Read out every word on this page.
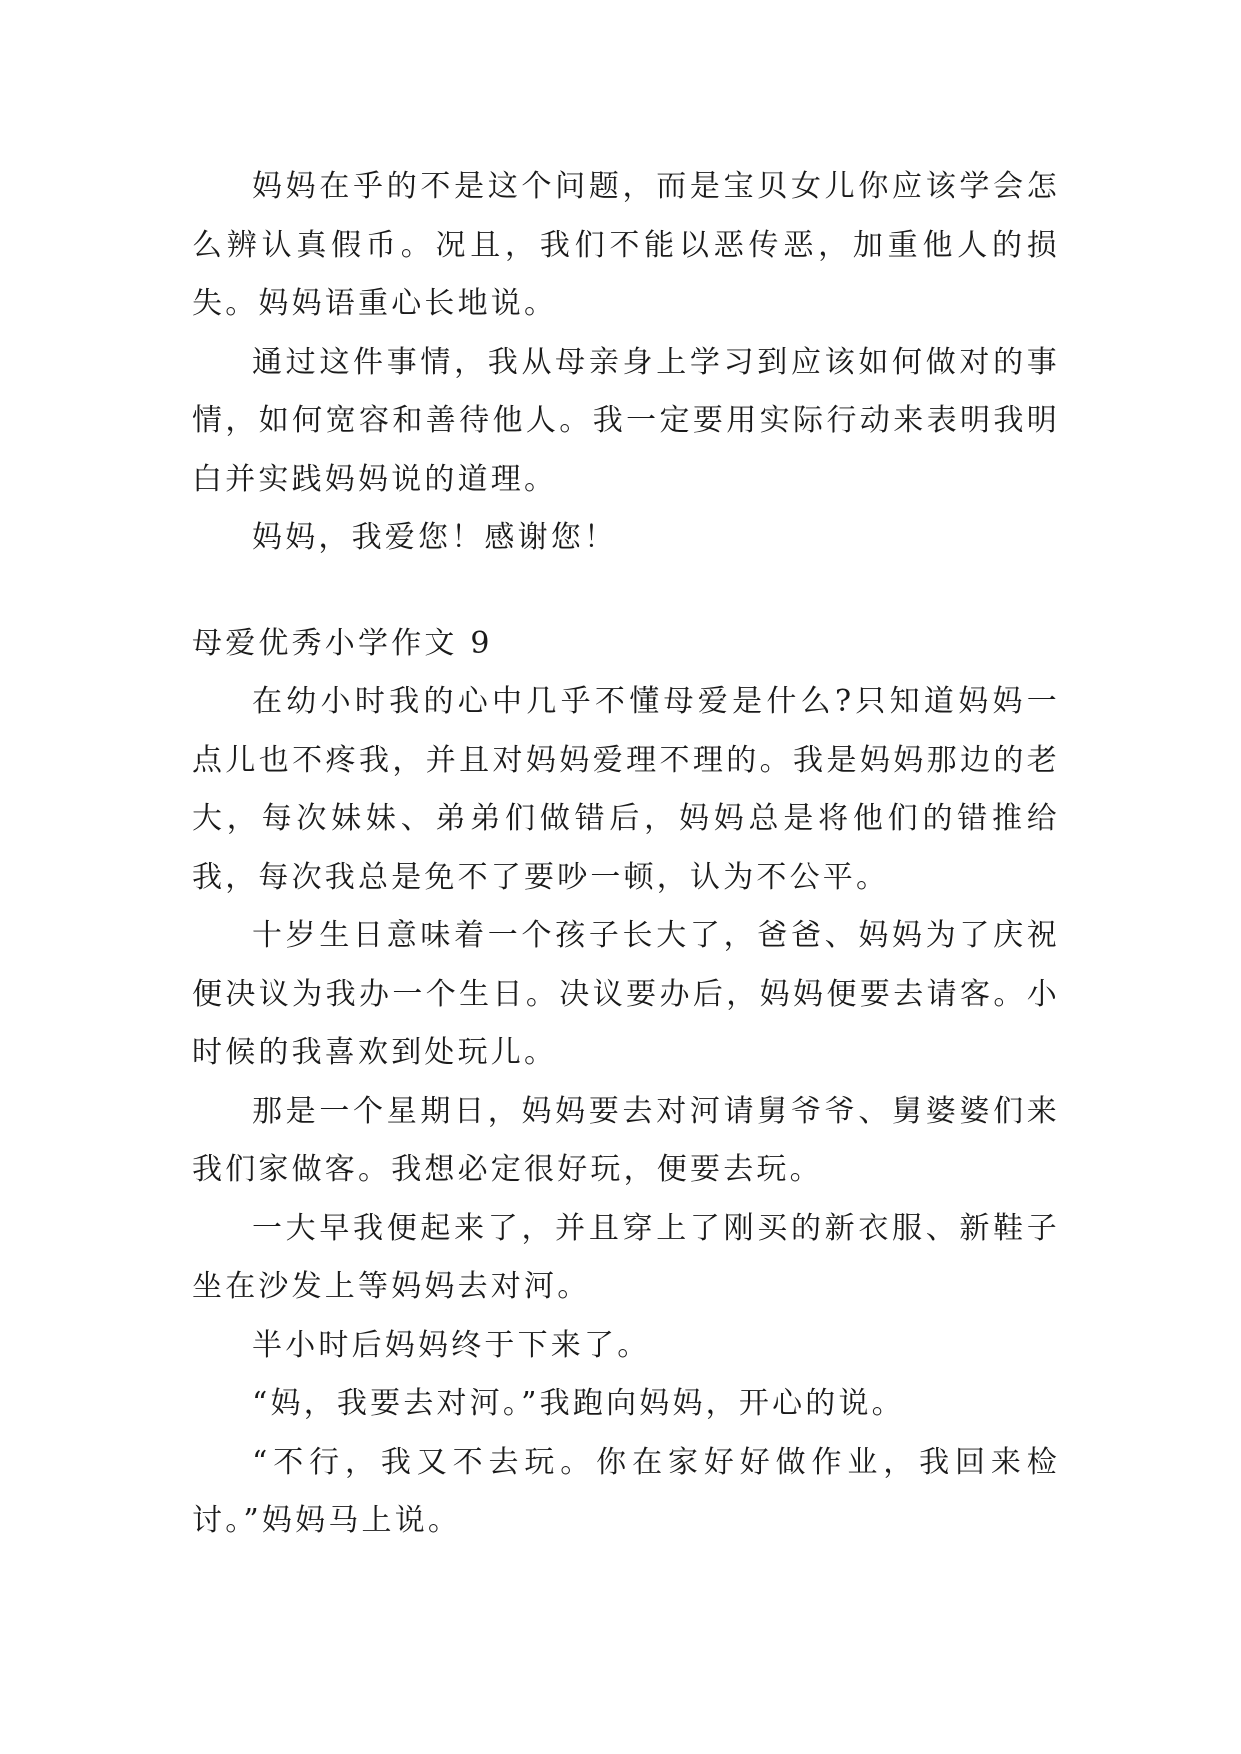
妈妈在乎的不是这个问题，而是宝贝女儿你应该学会怎么辨认真假币。况且，我们不能以恶传恶，加重他人的损失。妈妈语重心长地说。

通过这件事情，我从母亲身上学习到应该如何做对的事情，如何宽容和善待他人。我一定要用实际行动来表明我明白并实践妈妈说的道理。

妈妈，我爱您！感谢您！

母爱优秀小学作文 9

在幼小时我的心中几乎不懂母爱是什么?只知道妈妈一点儿也不疼我，并且对妈妈爱理不理的。我是妈妈那边的老大，每次妹妹、弟弟们做错后，妈妈总是将他们的错推给我，每次我总是免不了要吵一顿，认为不公平。

十岁生日意味着一个孩子长大了，爸爸、妈妈为了庆祝便决议为我办一个生日。决议要办后，妈妈便要去请客。小时候的我喜欢到处玩儿。

那是一个星期日，妈妈要去对河请舅爷爷、舅婆婆们来我们家做客。我想必定很好玩，便要去玩。

一大早我便起来了，并且穿上了刚买的新衣服、新鞋子坐在沙发上等妈妈去对河。

半小时后妈妈终于下来了。

“妈，我要去对河。”我跑向妈妈，开心的说。

“不行，我又不去玩。你在家好好做作业，我回来检讨。”妈妈马上说。
